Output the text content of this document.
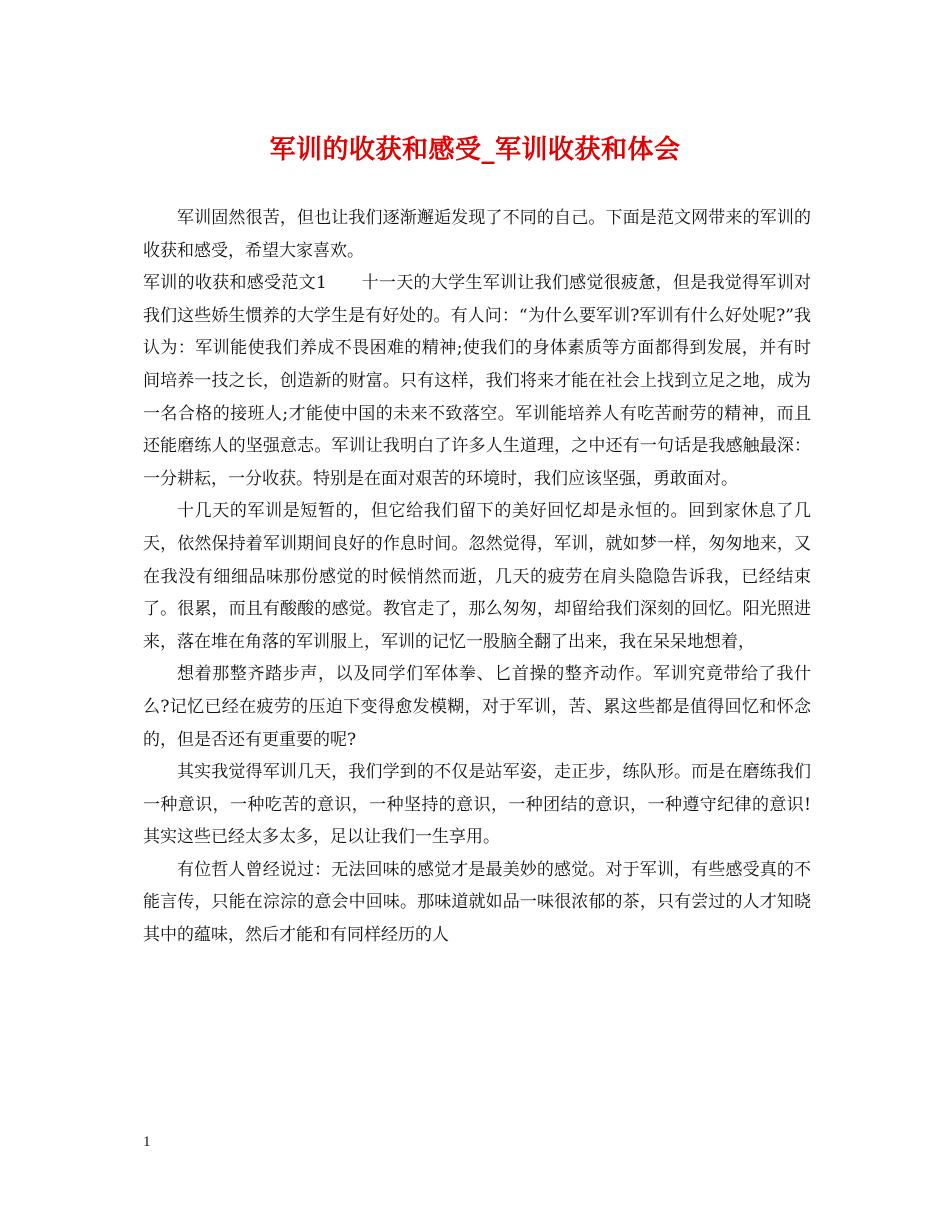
军训的收获和感受_军训收获和体会

军训固然很苦，但也让我们逐渐邂逅发现了不同的自己。下面是范文网带来的军训的收获和感受，希望大家喜欢。

军训的收获和感受范文1　　十一天的大学生军训让我们感觉很疲惫，但是我觉得军训对我们这些娇生惯养的大学生是有好处的。有人问：“为什么要军训?军训有什么好处呢?”我认为：军训能使我们养成不畏困难的精神;使我们的身体素质等方面都得到发展，并有时间培养一技之长，创造新的财富。只有这样，我们将来才能在社会上找到立足之地，成为一名合格的接班人;才能使中国的未来不致落空。军训能培养人有吃苦耐劳的精神，而且还能磨练人的坚强意志。军训让我明白了许多人生道理，之中还有一句话是我感触最深：一分耕耘，一分收获。特别是在面对艰苦的环境时，我们应该坚强，勇敢面对。

十几天的军训是短暂的，但它给我们留下的美好回忆却是永恒的。回到家休息了几天，依然保持着军训期间良好的作息时间。忽然觉得，军训，就如梦一样，匆匆地来，又在我没有细细品味那份感觉的时候悄然而逝，几天的疲劳在肩头隐隐告诉我，已经结束了。很累，而且有酸酸的感觉。教官走了，那么匆匆，却留给我们深刻的回忆。阳光照进来，落在堆在角落的军训服上，军训的记忆一股脑全翻了出来，我在呆呆地想着，

想着那整齐踏步声，以及同学们军体拳、匕首操的整齐动作。军训究竟带给了我什么?记忆已经在疲劳的压迫下变得愈发模糊，对于军训，苦、累这些都是值得回忆和怀念的，但是否还有更重要的呢?

其实我觉得军训几天，我们学到的不仅是站军姿，走正步，练队形。而是在磨练我们一种意识，一种吃苦的意识，一种坚持的意识，一种团结的意识，一种遵守纪律的意识!其实这些已经太多太多，足以让我们一生享用。

有位哲人曾经说过：无法回味的感觉才是最美妙的感觉。对于军训，有些感受真的不能言传，只能在淙淙的意会中回味。那味道就如品一味很浓郁的茶，只有尝过的人才知晓其中的蕴味，然后才能和有同样经历的人

1
